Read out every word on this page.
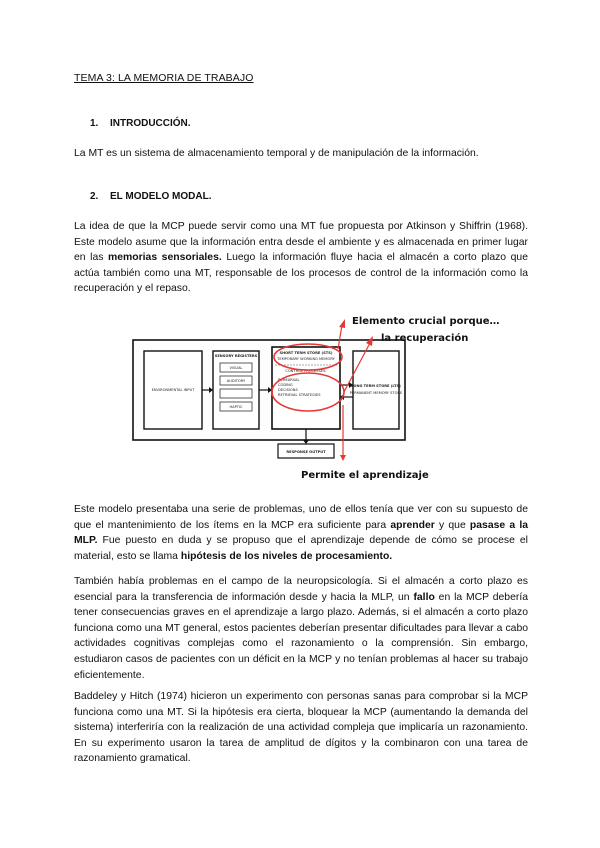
TEMA 3: LA MEMORIA DE TRABAJO
1. INTRODUCCIÓN.
La MT es un sistema de almacenamiento temporal y de manipulación de la información.
2. EL MODELO MODAL.
La idea de que la MCP puede servir como una MT fue propuesta por Atkinson y Shiffrin (1968). Este modelo asume que la información entra desde el ambiente y es almacenada en primer lugar en las memorias sensoriales. Luego la información fluye hacia el almacén a corto plazo que actúa también como una MT, responsable de los procesos de control de la información como la recuperación y el repaso.
ENVIRONMENTAL INPUT
SENSORY REGISTERS
VISUAL
AUDITORY
HAPTIC
SHORT TERM STORE (STS)
TEMPORARY WORKING MEMORY
CONTROL PROCESSES:
REHEARSAL
CODING
DECISIONS
RETRIEVAL STRATEGIES
LONG TERM STORE (LTS)
PERMANENT MEMORY STORE
RESPONSE OUTPUT
Elemento crucial porque…
la recuperación
Permite el aprendizaje
Este modelo presentaba una serie de problemas, uno de ellos tenía que ver con su supuesto de que el mantenimiento de los ítems en la MCP era suficiente para aprender y que pasase a la MLP. Fue puesto en duda y se propuso que el aprendizaje depende de cómo se procese el material, esto se llama hipótesis de los niveles de procesamiento.
También había problemas en el campo de la neuropsicología. Si el almacén a corto plazo es esencial para la transferencia de información desde y hacia la MLP, un fallo en la MCP debería tener consecuencias graves en el aprendizaje a largo plazo. Además, si el almacén a corto plazo funciona como una MT general, estos pacientes deberían presentar dificultades para llevar a cabo actividades cognitivas complejas como el razonamiento o la comprensión. Sin embargo, estudiaron casos de pacientes con un déficit en la MCP y no tenían problemas al hacer su trabajo eficientemente.
Baddeley y Hitch (1974) hicieron un experimento con personas sanas para comprobar si la MCP funciona como una MT. Si la hipótesis era cierta, bloquear la MCP (aumentando la demanda del sistema) interferiría con la realización de una actividad compleja que implicaría un razonamiento. En su experimento usaron la tarea de amplitud de dígitos y la combinaron con una tarea de razonamiento gramatical.
